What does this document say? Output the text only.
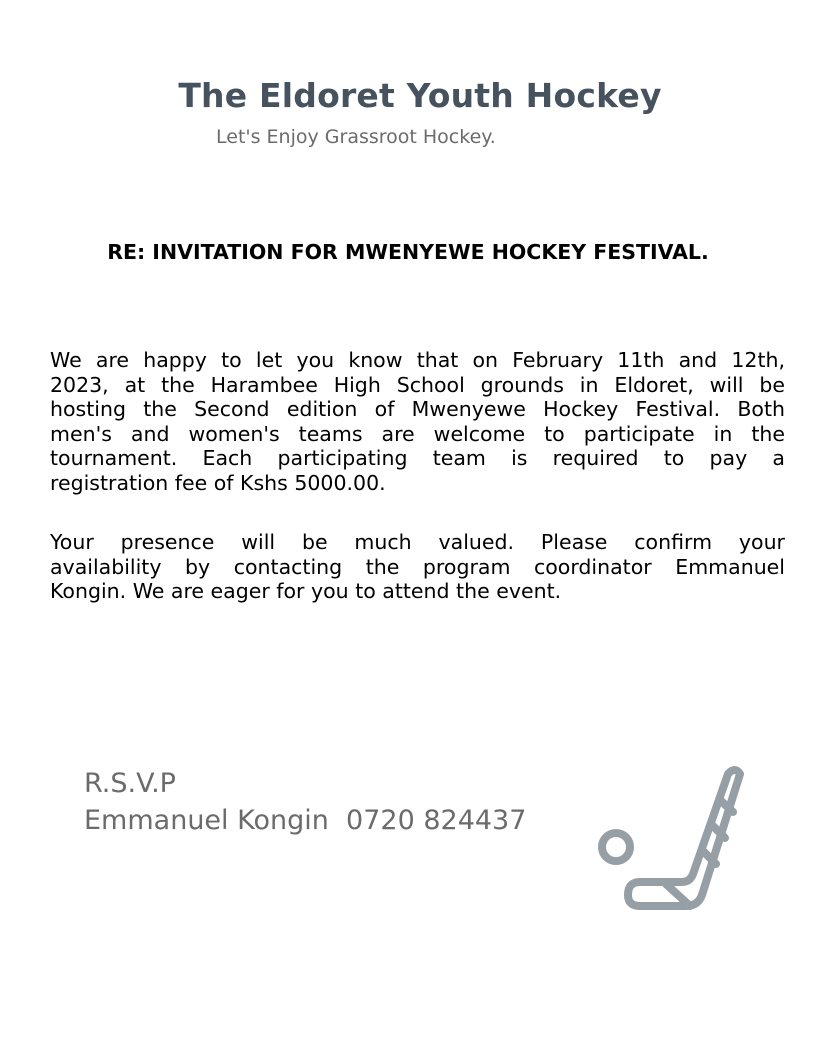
The Eldoret Youth Hockey
Let's Enjoy Grassroot Hockey.
RE: INVITATION FOR MWENYEWE HOCKEY FESTIVAL.
We are happy to let you know that on February 11th and 12th,
2023, at the Harambee High School grounds in Eldoret, will be
hosting the Second edition of Mwenyewe Hockey Festival. Both
men's and women's teams are welcome to participate in the
tournament. Each participating team is required to pay a
registration fee of Kshs 5000.00.
Your presence will be much valued. Please confirm your
availability by contacting the program coordinator Emmanuel
Kongin. We are eager for you to attend the event.
R.S.V.P
Emmanuel Kongin  0720 824437
